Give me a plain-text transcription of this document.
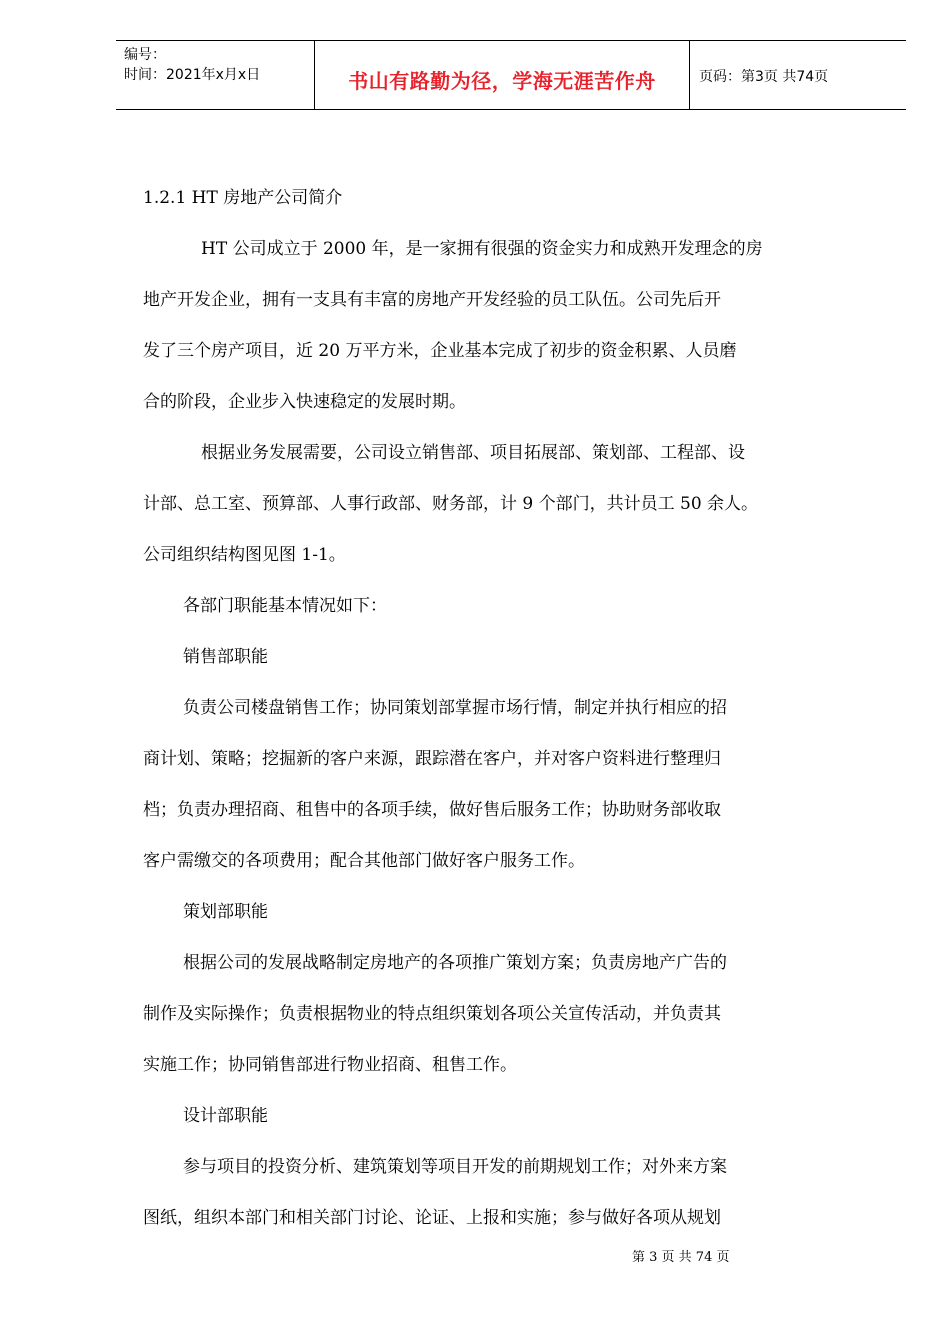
编号：
时间：2021年x月x日	书山有路勤为径，学海无涯苦作舟	页码：第3页 共74页
1.2.1 HT 房地产公司简介
HT 公司成立于 2000 年，是一家拥有很强的资金实力和成熟开发理念的房
地产开发企业，拥有一支具有丰富的房地产开发经验的员工队伍。公司先后开
发了三个房产项目，近 20 万平方米，企业基本完成了初步的资金积累、人员磨
合的阶段，企业步入快速稳定的发展时期。
根据业务发展需要，公司设立销售部、项目拓展部、策划部、工程部、设
计部、总工室、预算部、人事行政部、财务部，计 9 个部门，共计员工 50 余人。
公司组织结构图见图 1-1。
各部门职能基本情况如下：
销售部职能
负责公司楼盘销售工作；协同策划部掌握市场行情，制定并执行相应的招
商计划、策略；挖掘新的客户来源，跟踪潜在客户，并对客户资料进行整理归
档；负责办理招商、租售中的各项手续，做好售后服务工作；协助财务部收取
客户需缴交的各项费用；配合其他部门做好客户服务工作。
策划部职能
根据公司的发展战略制定房地产的各项推广策划方案；负责房地产广告的
制作及实际操作；负责根据物业的特点组织策划各项公关宣传活动，并负责其
实施工作；协同销售部进行物业招商、租售工作。
设计部职能
参与项目的投资分析、建筑策划等项目开发的前期规划工作；对外来方案
图纸，组织本部门和相关部门讨论、论证、上报和实施；参与做好各项从规划
第 3 页 共 74 页
